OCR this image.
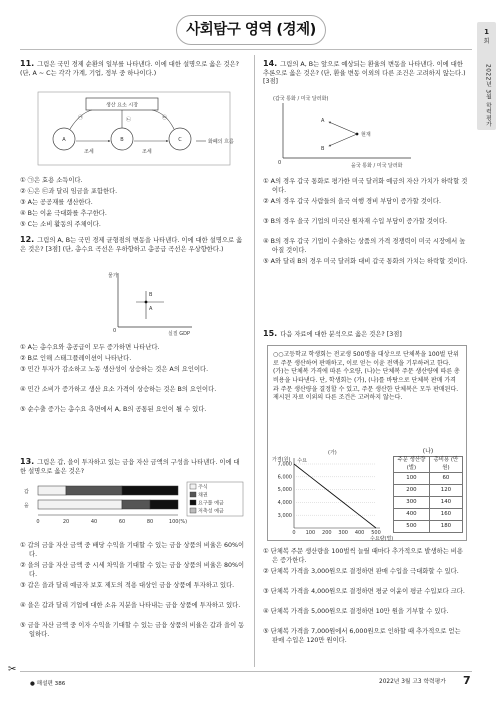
사회탐구 영역 (경제)	1
회
2022년 3월 학력평가
11. 그림은 국민 경제 순환의 일부를 나타낸다. 이에 대한 설명으로 옳은 것은? (단, A ~ C는 각각 가계, 기업, 정부 중 하나이다.)
생산 요소 시장
A	B	C
㉠	㉡	㉢
조세	조세
화폐의 흐름
① ㉠은 효용 소득이다.
② ㉡은 ㉢과 달리 임금을 포함한다.
③ A는 공공재를 생산한다.
④ B는 이윤 극대화를 추구한다.
⑤ C는 소비 활동의 주체이다.
12. 그림의 A, B는 국민 경제 균형점의 변동을 나타낸다. 이에 대한 설명으로 옳은 것은? [3점] (단, 총수요 곡선은 우하향하고 총공급 곡선은 우상향한다.)
물가
실질 GDP
0
B
A
① A는 총수요와 총공급이 모두 증가하면 나타난다.
② B로 인해 스태그플레이션이 나타난다.
③ 민간 투자가 감소하고 노동 생산성이 상승하는 것은 A의 요인이다.
④ 민간 소비가 증가하고 생산 요소 가격이 상승하는 것은 B의 요인이다.
⑤ 순수출 증가는 총수요 측면에서 A, B의 공통된 요인이 될 수 있다.
13. 그림은 갑, 을이 투자하고 있는 금융 자산 금액의 구성을 나타낸다. 이에 대한 설명으로 옳은 것은?
갑
을
0	20	40	60	80	100(%)
주식
채권
요구불 예금
저축성 예금
① 갑의 금융 자산 금액 중 배당 수익을 기대할 수 있는 금융 상품의 비율은 60%이다.
② 을의 금융 자산 금액 중 시세 차익을 기대할 수 있는 금융 상품의 비율은 80%이다.
③ 갑은 을과 달리 예금자 보호 제도의 적용 대상인 금융 상품에 투자하고 있다.
④ 을은 갑과 달리 기업에 대한 소유 지분을 나타내는 금융 상품에 투자하고 있다.
⑤ 금융 자산 금액 중 이자 수익을 기대할 수 있는 금융 상품의 비율은 갑과 을이 동일하다.
14. 그림의 A, B는 앞으로 예상되는 환율의 변동을 나타낸다. 이에 대한 추론으로 옳은 것은? (단, 환율 변동 이외의 다른 조건은 고려하지 않는다.) [3점]
(갑국 통화 / 미국 달러화)
0	을국 통화 / 미국 달러화
현재
A
B
① A의 경우 갑국 통화로 평가한 미국 달러화 예금의 자산 가치가 하락할 것이다.
② A의 경우 갑국 사람들의 을국 여행 경비 부담이 증가할 것이다.
③ B의 경우 을국 기업의 미국산 원자재 수입 부담이 증가할 것이다.
④ B의 경우 갑국 기업이 수출하는 상품의 가격 경쟁력이 미국 시장에서 높아질 것이다.
⑤ A와 달리 B의 경우 미국 달러화 대비 갑국 통화의 가치는 하락할 것이다.
15. 다음 자료에 대한 분석으로 옳은 것은? [3점]
○○고등학교 학생회는 전교생 500명을 대상으로 단체복을 100벌 단위로 주문 생산하여 판매하고, 이로 얻는 이윤 전액을 기부하려고 한다. (가)는 단체복 가격에 따른 수요량, (나)는 단체복 주문 생산량에 따른 총비용을 나타낸다. 단, 학생회는 (가), (나)를 바탕으로 단체복 판매 가격과 주문 생산량을 결정할 수 있고, 주문 생산한 단체복은 모두 판매된다. 제시된 자료 이외의 다른 조건은 고려하지 않는다.
(가)
가격(원)
7,000
6,000
5,000
4,000
3,000
0 100 200 300 400 500
수요량(벌)
수요
(나)
주문 생산량(벌)	총비용 (만 원)
100	60
200	120
300	140
400	160
500	180
① 단체복 주문 생산량을 100벌씩 늘릴 때마다 추가적으로 발생하는 비용은 증가한다.
② 단체복 가격을 3,000원으로 결정하면 판매 수입을 극대화할 수 있다.
③ 단체복 가격을 4,000원으로 결정하면 평균 이윤이 평균 수입보다 크다.
④ 단체복 가격을 5,000원으로 결정하면 10만 원을 기부할 수 있다.
⑤ 단체복 가격을 7,000원에서 6,000원으로 인하할 때 추가적으로 얻는 판매 수입은 120만 원이다.
● 해설편 386	2022년 3월 고3 학력평가 7
✂
